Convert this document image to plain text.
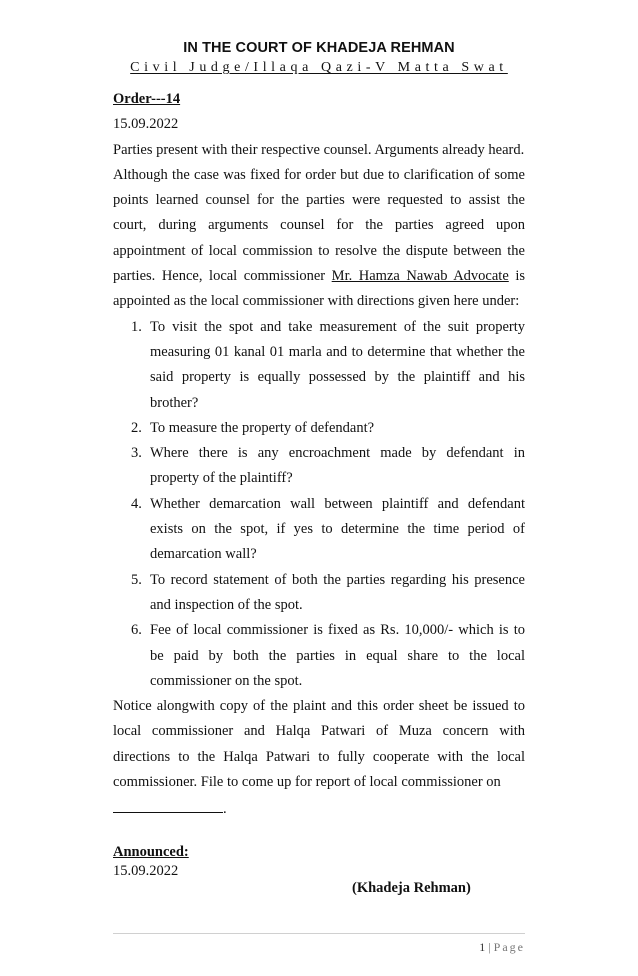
IN THE COURT OF KHADEJA REHMAN
Civil Judge/Illaqa Qazi-V Matta Swat

Order---14

15.09.2022

Parties present with their respective counsel. Arguments already heard.

Although the case was fixed for order but due to clarification of some points learned counsel for the parties were requested to assist the court, during arguments counsel for the parties agreed upon appointment of local commission to resolve the dispute between the parties. Hence, local commissioner Mr. Hamza Nawab Advocate is appointed as the local commissioner with directions given here under:

1. To visit the spot and take measurement of the suit property measuring 01 kanal 01 marla and to determine that whether the said property is equally possessed by the plaintiff and his brother?
2. To measure the property of defendant?
3. Where there is any encroachment made by defendant in property of the plaintiff?
4. Whether demarcation wall between plaintiff and defendant exists on the spot, if yes to determine the time period of demarcation wall?
5. To record statement of both the parties regarding his presence and inspection of the spot.
6. Fee of local commissioner is fixed as Rs. 10,000/- which is to be paid by both the parties in equal share to the local commissioner on the spot.

Notice alongwith copy of the plaint and this order sheet be issued to local commissioner and Halqa Patwari of Muza concern with directions to the Halqa Patwari to fully cooperate with the local commissioner. File to come up for report of local commissioner on

.

Announced:
15.09.2022
(Khadeja Rehman)
1 | Page
